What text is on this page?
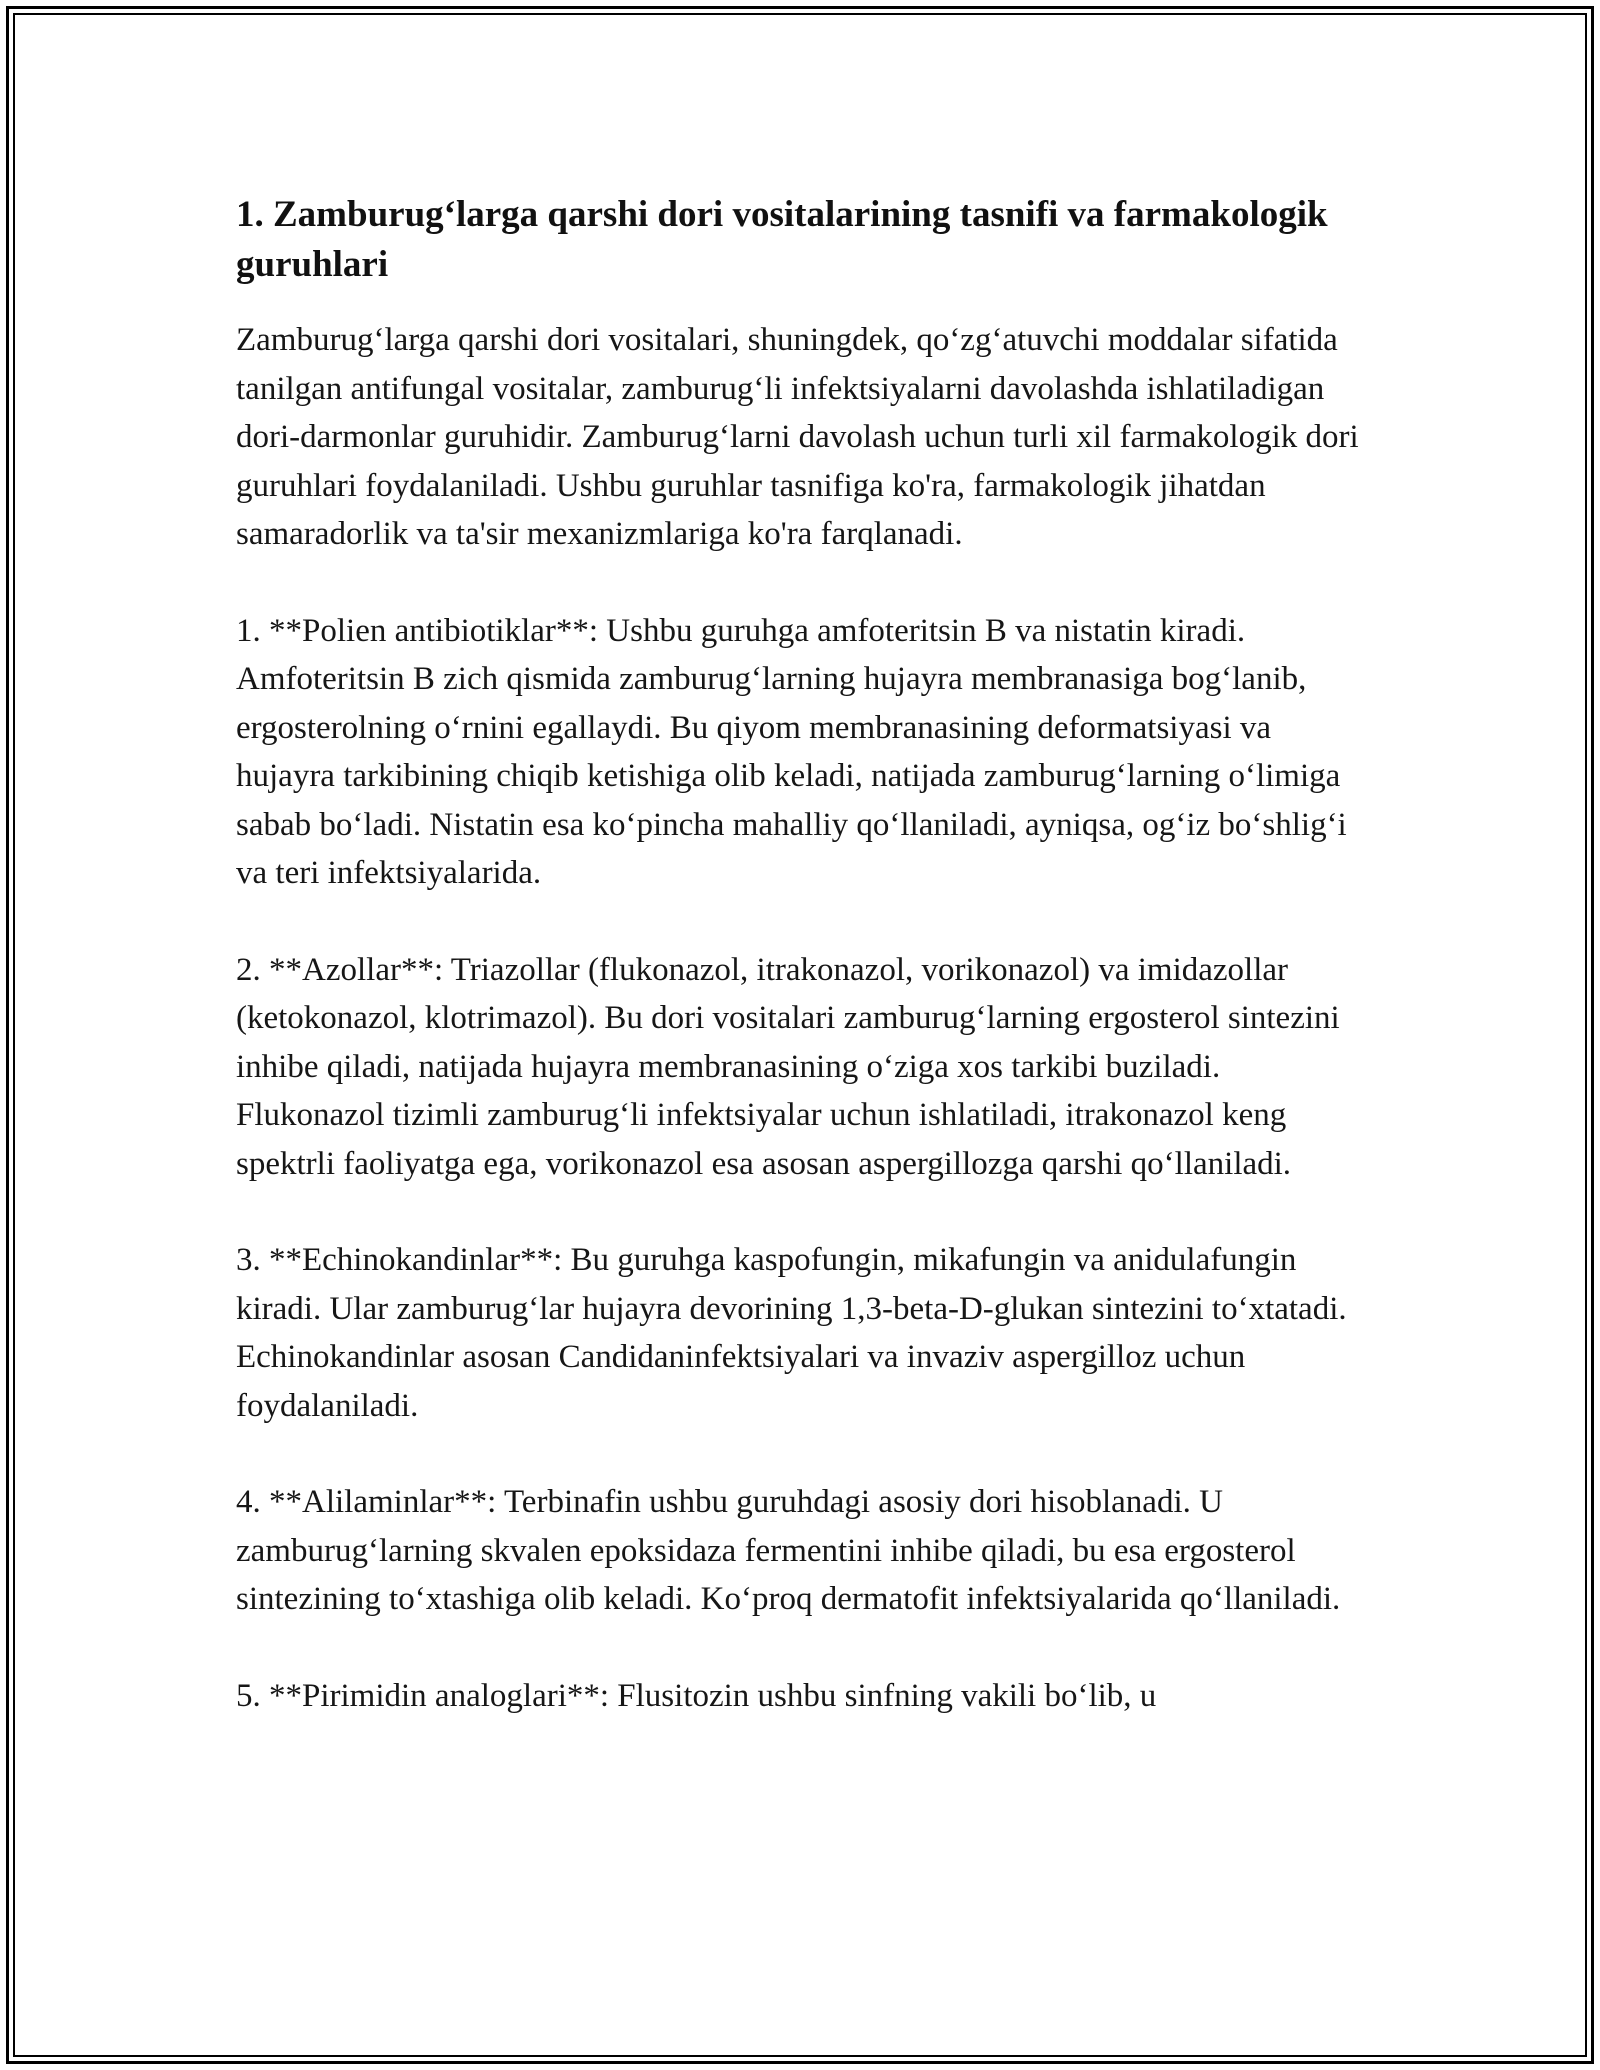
1. Zamburug‘larga qarshi dori vositalarining tasnifi va farmakologik guruhlari

Zamburug‘larga qarshi dori vositalari, shuningdek, qo‘zg‘atuvchi moddalar sifatida tanilgan antifungal vositalar, zamburug‘li infektsiyalarni davolashda ishlatiladigan dori-darmonlar guruhidir. Zamburug‘larni davolash uchun turli xil farmakologik dori guruhlari foydalaniladi. Ushbu guruhlar tasnifiga ko'ra, farmakologik jihatdan samaradorlik va ta'sir mexanizmlariga ko'ra farqlanadi.

1. **Polien antibiotiklar**: Ushbu guruhga amfoteritsin B va nistatin kiradi. Amfoteritsin B zich qismida zamburug‘larning hujayra membranasiga bog‘lanib, ergosterolning o‘rnini egallaydi. Bu qiyom membranasining deformatsiyasi va hujayra tarkibining chiqib ketishiga olib keladi, natijada zamburug‘larning o‘limiga sabab bo‘ladi. Nistatin esa ko‘pincha mahalliy qo‘llaniladi, ayniqsa, og‘iz bo‘shlig‘i va teri infektsiyalarida.

2. **Azollar**: Triazollar (flukonazol, itrakonazol, vorikonazol) va imidazollar (ketokonazol, klotrimazol). Bu dori vositalari zamburug‘larning ergosterol sintezini inhibe qiladi, natijada hujayra membranasining o‘ziga xos tarkibi buziladi. Flukonazol tizimli zamburug‘li infektsiyalar uchun ishlatiladi, itrakonazol keng spektrli faoliyatga ega, vorikonazol esa asosan aspergillozga qarshi qo‘llaniladi.

3. **Echinokandinlar**: Bu guruhga kaspofungin, mikafungin va anidulafungin kiradi. Ular zamburug‘lar hujayra devorining 1,3-beta-D-glukan sintezini to‘xtatadi. Echinokandinlar asosan Candidaninfektsiyalari va invaziv aspergilloz uchun foydalaniladi.

4. **Alilaminlar**: Terbinafin ushbu guruhdagi asosiy dori hisoblanadi. U zamburug‘larning skvalen epoksidaza fermentini inhibe qiladi, bu esa ergosterol sintezining to‘xtashiga olib keladi. Ko‘proq dermatofit infektsiyalarida qo‘llaniladi.

5. **Pirimidin analoglari**: Flusitozin ushbu sinfning vakili bo‘lib, u
